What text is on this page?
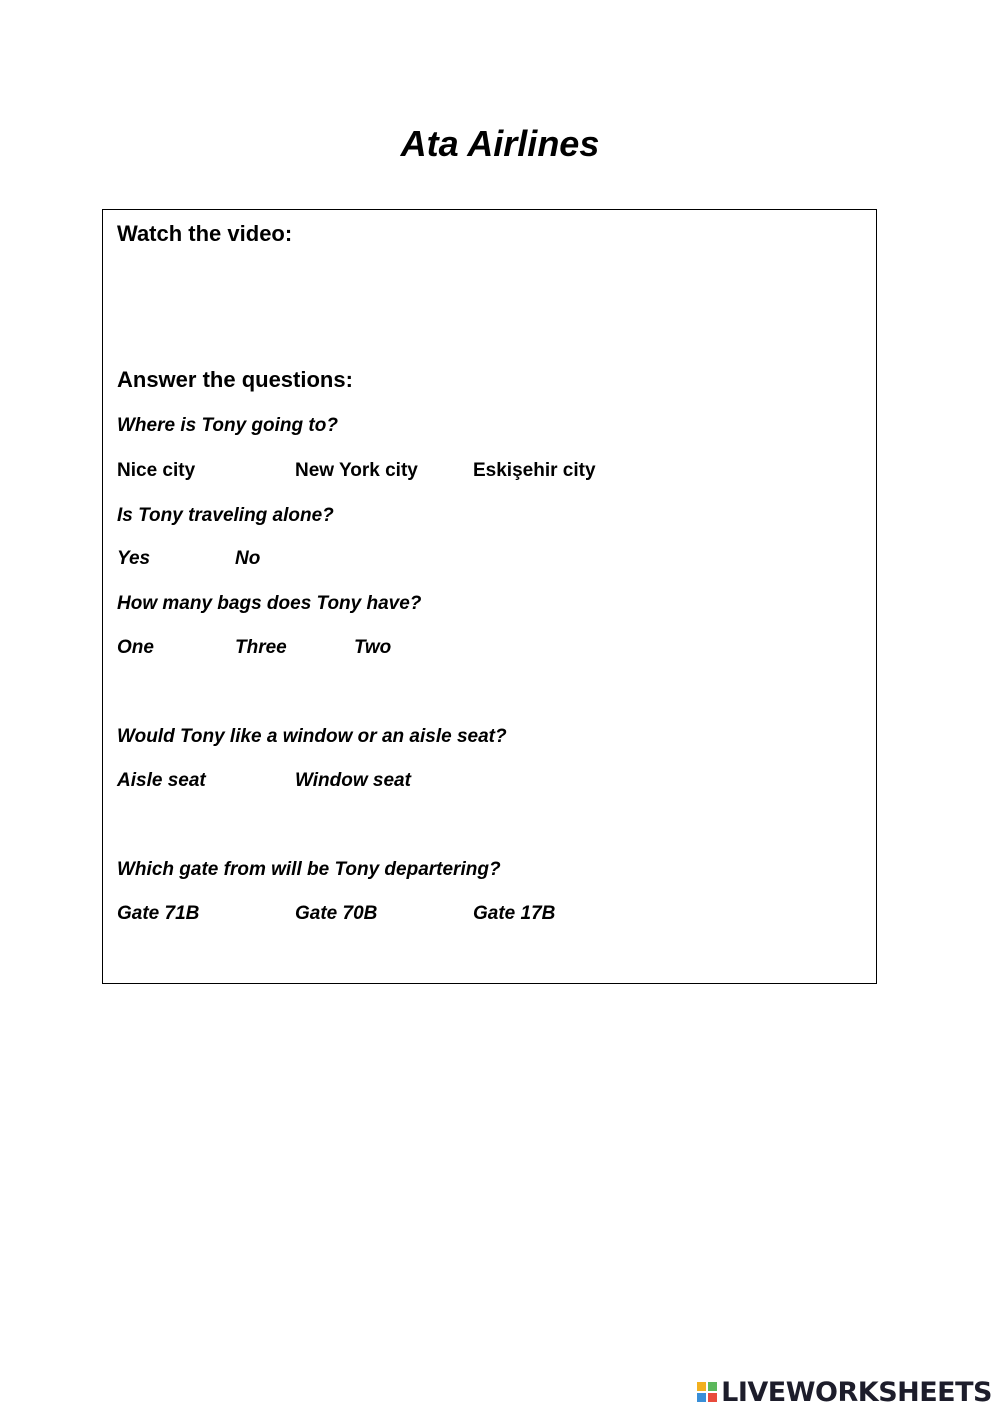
Ata Airlines
Watch the video:
Answer the questions:
Where is Tony going to?
Nice city	New York city	Eskişehir city
Is Tony traveling alone?
Yes	No
How many bags does Tony have?
One	Three	Two
Would Tony like a window or an aisle seat?
Aisle seat	Window seat
Which gate from will be Tony departering?
Gate 71B	Gate 70B	Gate 17B
LIVEWORKSHEETS
